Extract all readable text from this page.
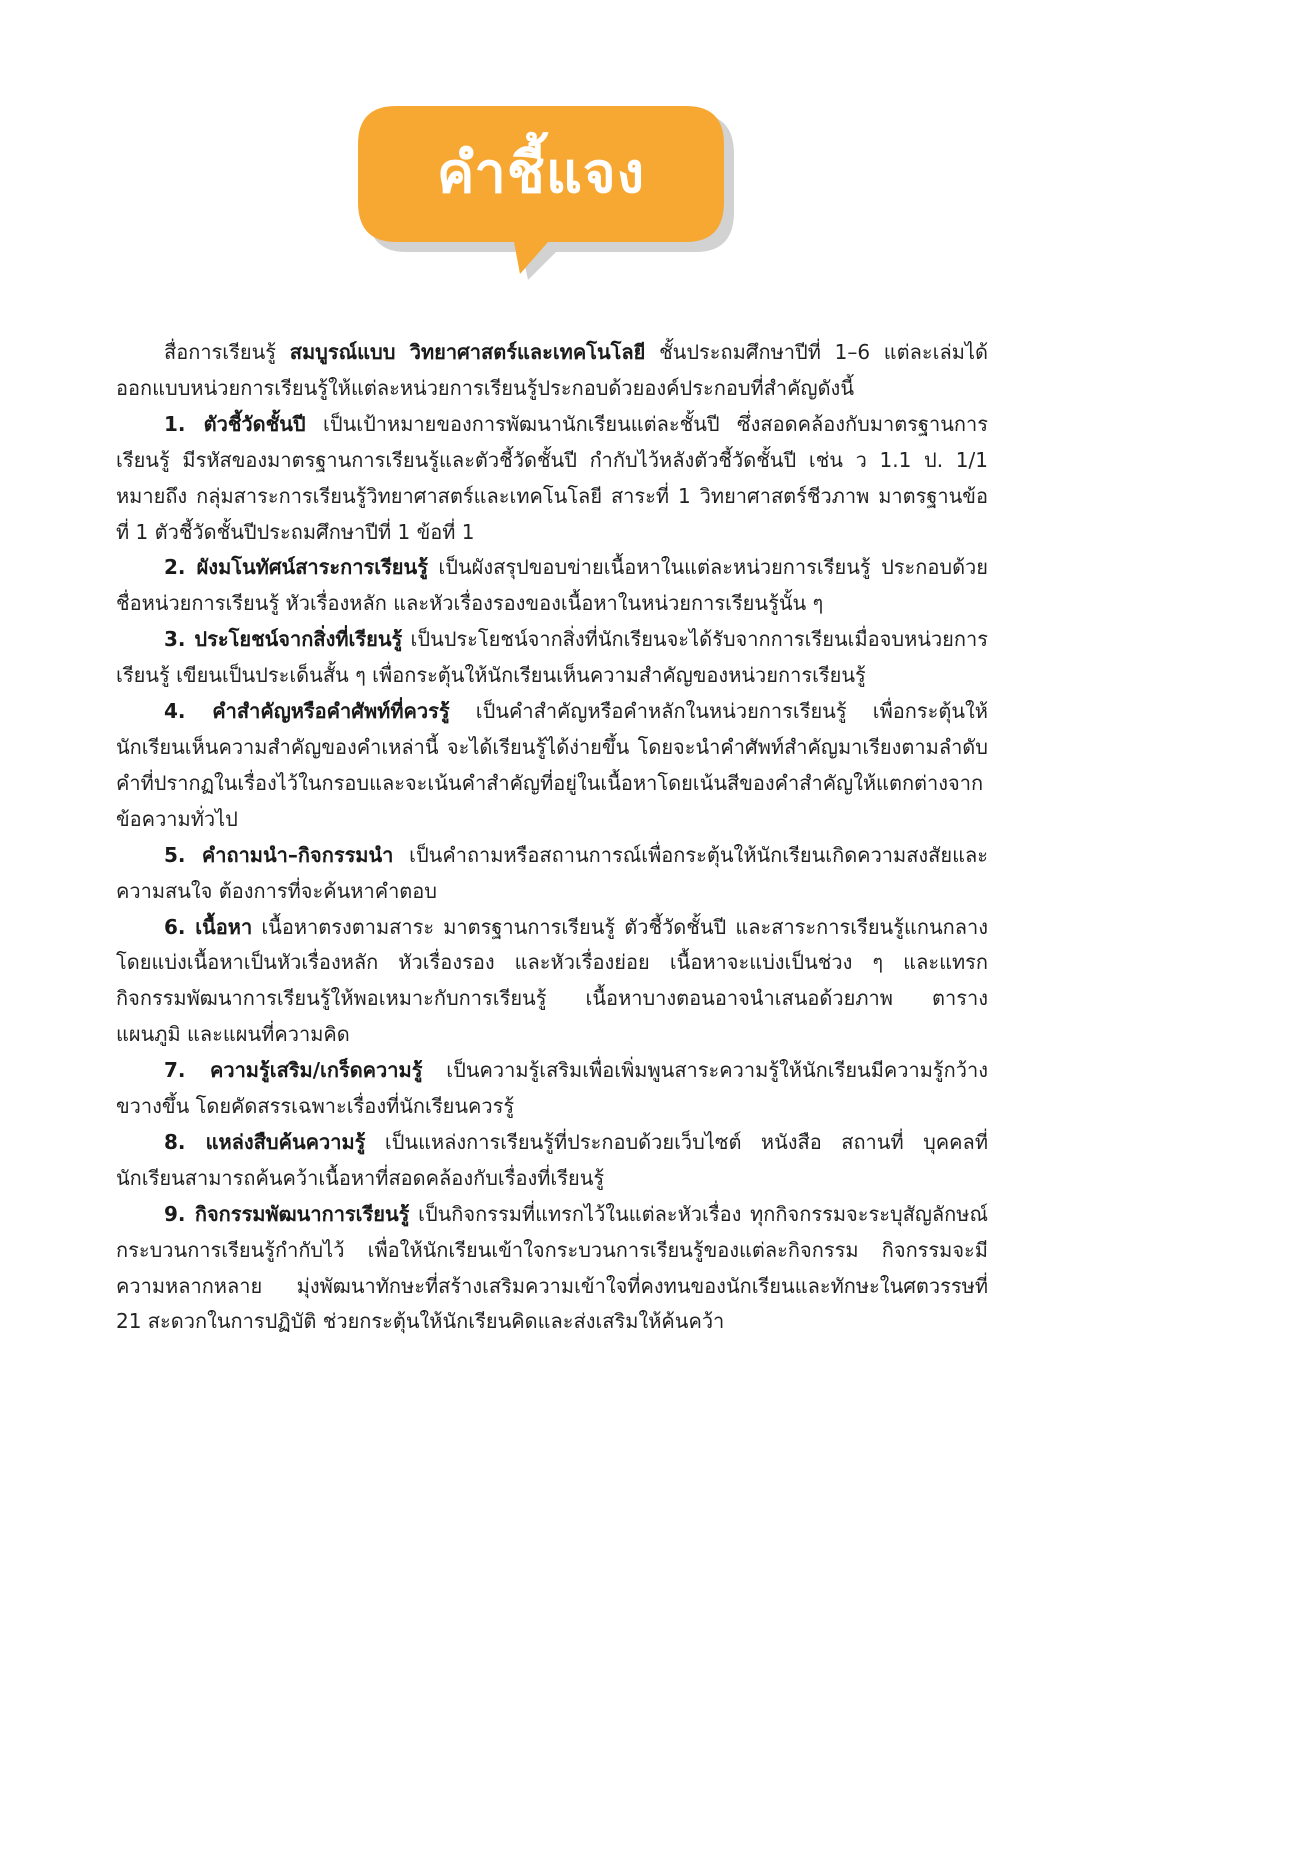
คำชี้แจง

สื่อการเรียนรู้ สมบูรณ์แบบ วิทยาศาสตร์และเทคโนโลยี ชั้นประถมศึกษาปีที่ 1–6 แต่ละเล่มได้ออกแบบหน่วยการเรียนรู้ให้แต่ละหน่วยการเรียนรู้ประกอบด้วยองค์ประกอบที่สำคัญดังนี้

1. ตัวชี้วัดชั้นปี เป็นเป้าหมายของการพัฒนานักเรียนแต่ละชั้นปี ซึ่งสอดคล้องกับมาตรฐานการเรียนรู้ มีรหัสของมาตรฐานการเรียนรู้และตัวชี้วัดชั้นปี กำกับไว้หลังตัวชี้วัดชั้นปี เช่น ว 1.1 ป. 1/1 หมายถึง กลุ่มสาระการเรียนรู้วิทยาศาสตร์และเทคโนโลยี สาระที่ 1 วิทยาศาสตร์ชีวภาพ มาตรฐานข้อที่ 1 ตัวชี้วัดชั้นปีประถมศึกษาปีที่ 1 ข้อที่ 1

2. ผังมโนทัศน์สาระการเรียนรู้ เป็นผังสรุปขอบข่ายเนื้อหาในแต่ละหน่วยการเรียนรู้ ประกอบด้วยชื่อหน่วยการเรียนรู้ หัวเรื่องหลัก และหัวเรื่องรองของเนื้อหาในหน่วยการเรียนรู้นั้น ๆ

3. ประโยชน์จากสิ่งที่เรียนรู้ เป็นประโยชน์จากสิ่งที่นักเรียนจะได้รับจากการเรียนเมื่อจบหน่วยการเรียนรู้ เขียนเป็นประเด็นสั้น ๆ เพื่อกระตุ้นให้นักเรียนเห็นความสำคัญของหน่วยการเรียนรู้

4. คำสำคัญหรือคำศัพท์ที่ควรรู้ เป็นคำสำคัญหรือคำหลักในหน่วยการเรียนรู้ เพื่อกระตุ้นให้นักเรียนเห็นความสำคัญของคำเหล่านี้ จะได้เรียนรู้ได้ง่ายขึ้น โดยจะนำคำศัพท์สำคัญมาเรียงตามลำดับคำที่ปรากฏในเรื่องไว้ในกรอบและจะเน้นคำสำคัญที่อยู่ในเนื้อหาโดยเน้นสีของคำสำคัญให้แตกต่างจากข้อความทั่วไป

5. คำถามนำ–กิจกรรมนำ เป็นคำถามหรือสถานการณ์เพื่อกระตุ้นให้นักเรียนเกิดความสงสัยและความสนใจ ต้องการที่จะค้นหาคำตอบ

6. เนื้อหา เนื้อหาตรงตามสาระ มาตรฐานการเรียนรู้ ตัวชี้วัดชั้นปี และสาระการเรียนรู้แกนกลาง โดยแบ่งเนื้อหาเป็นหัวเรื่องหลัก หัวเรื่องรอง และหัวเรื่องย่อย เนื้อหาจะแบ่งเป็นช่วง ๆ และแทรกกิจกรรมพัฒนาการเรียนรู้ให้พอเหมาะกับการเรียนรู้ เนื้อหาบางตอนอาจนำเสนอด้วยภาพ ตาราง แผนภูมิ และแผนที่ความคิด

7. ความรู้เสริม/เกร็ดความรู้ เป็นความรู้เสริมเพื่อเพิ่มพูนสาระความรู้ให้นักเรียนมีความรู้กว้างขวางขึ้น โดยคัดสรรเฉพาะเรื่องที่นักเรียนควรรู้

8. แหล่งสืบค้นความรู้ เป็นแหล่งการเรียนรู้ที่ประกอบด้วยเว็บไซต์ หนังสือ สถานที่ บุคคลที่นักเรียนสามารถค้นคว้าเนื้อหาที่สอดคล้องกับเรื่องที่เรียนรู้

9. กิจกรรมพัฒนาการเรียนรู้ เป็นกิจกรรมที่แทรกไว้ในแต่ละหัวเรื่อง ทุกกิจกรรมจะระบุสัญลักษณ์กระบวนการเรียนรู้กำกับไว้ เพื่อให้นักเรียนเข้าใจกระบวนการเรียนรู้ของแต่ละกิจกรรม กิจกรรมจะมีความหลากหลาย มุ่งพัฒนาทักษะที่สร้างเสริมความเข้าใจที่คงทนของนักเรียนและทักษะในศตวรรษที่ 21 สะดวกในการปฏิบัติ ช่วยกระตุ้นให้นักเรียนคิดและส่งเสริมให้ค้นคว้า
